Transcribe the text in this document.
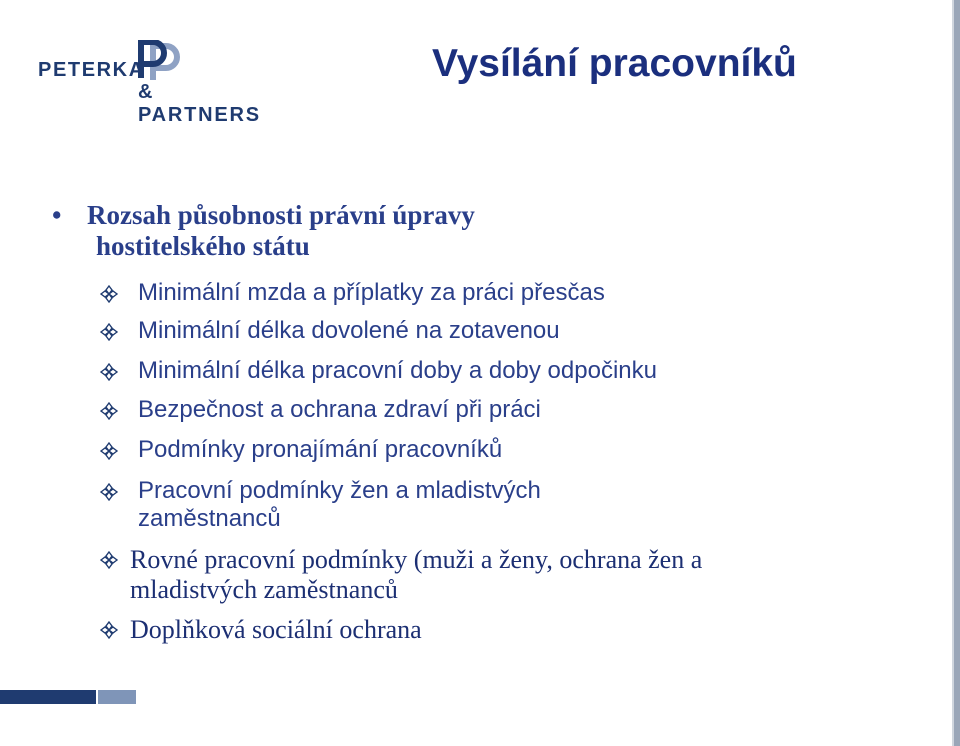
PETERKA
& PARTNERS
Vysílání pracovníků
• Rozsah působnosti právní úpravy
hostitelského státu
Minimální mzda a příplatky za práci přesčas
Minimální délka dovolené na zotavenou
Minimální délka pracovní doby a doby odpočinku
Bezpečnost a ochrana zdraví při práci
Podmínky pronajímání pracovníků
Pracovní podmínky žen a mladistvých
zaměstnanců
Rovné pracovní podmínky (muži a ženy, ochrana žen a
mladistvých zaměstnanců
Doplňková sociální ochrana
